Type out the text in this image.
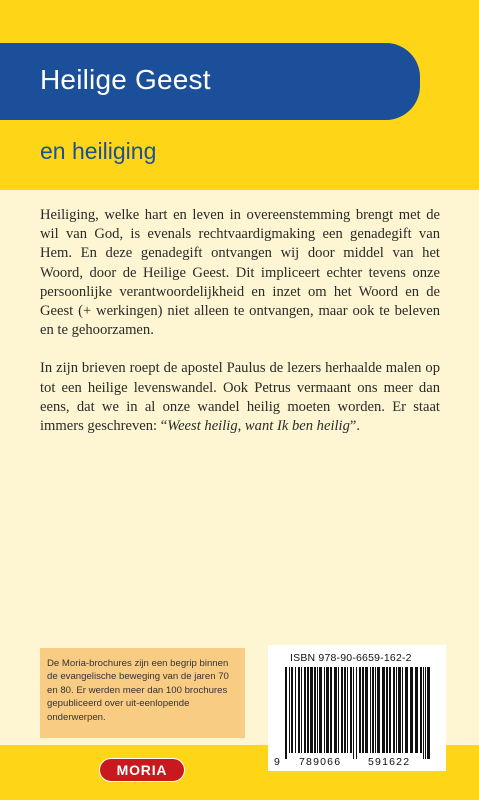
Heilige Geest
en heiliging

Heiliging, welke hart en leven in overeenstemming brengt met de wil van God, is evenals rechtvaardigmaking een genadegift van Hem. En deze genadegift ontvangen wij door middel van het Woord, door de Heilige Geest. Dit impliceert echter tevens onze persoonlijke verantwoordelijkheid en inzet om het Woord en de Geest (+ werkingen) niet alleen te ontvangen, maar ook te beleven en te gehoorzamen.

In zijn brieven roept de apostel Paulus de lezers herhaalde malen op tot een heilige levenswandel. Ook Petrus vermaant ons meer dan eens, dat we in al onze wandel heilig moeten worden. Er staat immers geschreven: “Weest heilig, want Ik ben heilig”.

De Moria-brochures zijn een begrip binnen de evangelische beweging van de jaren 70 en 80. Er werden meer dan 100 brochures gepubliceerd over uit-eenlopende onderwerpen.
MORIA
ISBN 978-90-6659-162-2
9 789066	591622
